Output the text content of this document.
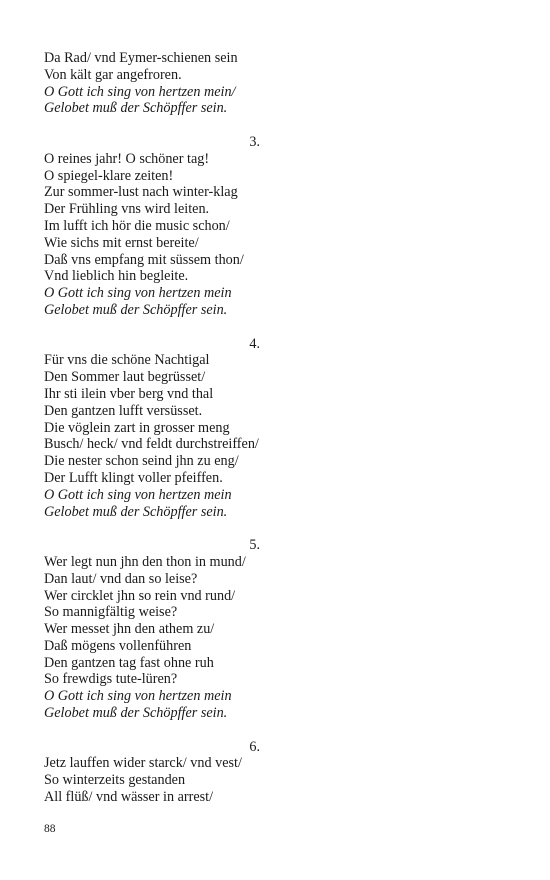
Da Rad/ vnd Eymer-schienen sein
Von kält gar angefroren.
O Gott ich sing von hertzen mein/
Gelobet muß der Schöpffer sein.
3.
O reines jahr! O schöner tag!
O spiegel-klare zeiten!
Zur sommer-lust nach winter-klag
Der Frühling vns wird leiten.
Im lufft ich hör die music schon/
Wie sichs mit ernst bereite/
Daß vns empfang mit süssem thon/
Vnd lieblich hin begleite.
O Gott ich sing von hertzen mein
Gelobet muß der Schöpffer sein.
4.
Für vns die schöne Nachtigal
Den Sommer laut begrüsset/
Ihr sti ilein vber berg vnd thal
Den gantzen lufft versüsset.
Die vöglein zart in grosser meng
Busch/ heck/ vnd feldt durchstreiffen/
Die nester schon seind jhn zu eng/
Der Lufft klingt voller pfeiffen.
O Gott ich sing von hertzen mein
Gelobet muß der Schöpffer sein.
5.
Wer legt nun jhn den thon in mund/
Dan laut/ vnd dan so leise?
Wer circklet jhn so rein vnd rund/
So mannigfältig weise?
Wer messet jhn den athem zu/
Daß mögens vollenführen
Den gantzen tag fast ohne ruh
So frewdigs tute-lüren?
O Gott ich sing von hertzen mein
Gelobet muß der Schöpffer sein.
6.
Jetz lauffen wider starck/ vnd vest/
So winterzeits gestanden
All flüß/ vnd wässer in arrest/
88
